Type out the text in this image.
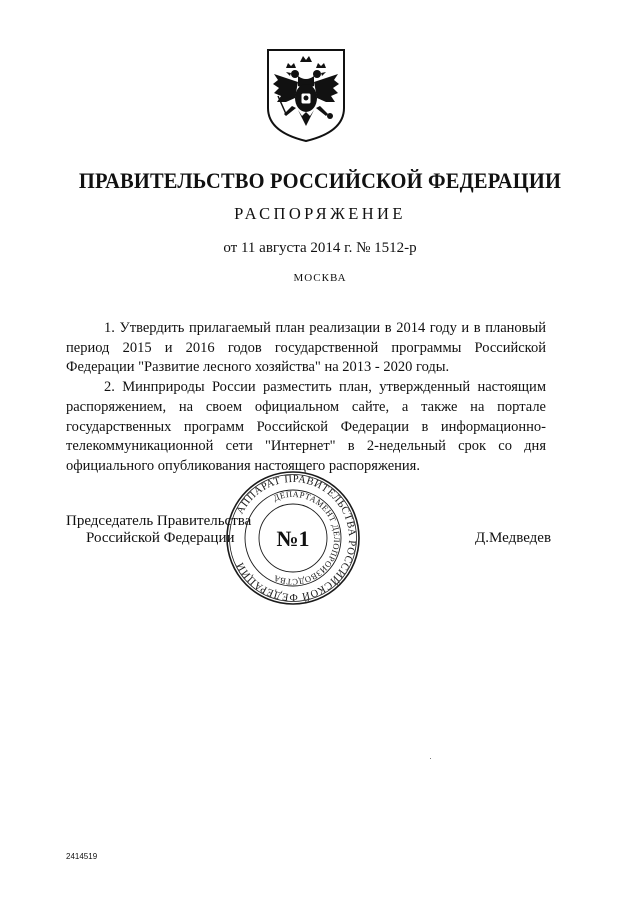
ПРАВИТЕЛЬСТВО РОССИЙСКОЙ ФЕДЕРАЦИИ
РАСПОРЯЖЕНИЕ
от 11 августа 2014 г. № 1512-р
МОСКВА

1. Утвердить прилагаемый план реализации в 2014 году и в плановый период 2015 и 2016 годов государственной программы Российской Федерации "Развитие лесного хозяйства" на 2013 - 2020 годы.

2. Минприроды России разместить план, утвержденный настоящим распоряжением, на своем официальном сайте, а также на портале государственных программ Российской Федерации в информационно-телекоммуникационной сети "Интернет" в 2-недельный срок со дня официального опубликования настоящего распоряжения.

Председатель Правительства
Российской Федерации	Д.Медведев
АППАРАТ ПРАВИТЕЛЬСТВА РОССИЙСКОЙ ФЕДЕРАЦИИ
ДЕПАРТАМЕНТ ДЕЛОПРОИЗВОДСТВА
№1
2414519
